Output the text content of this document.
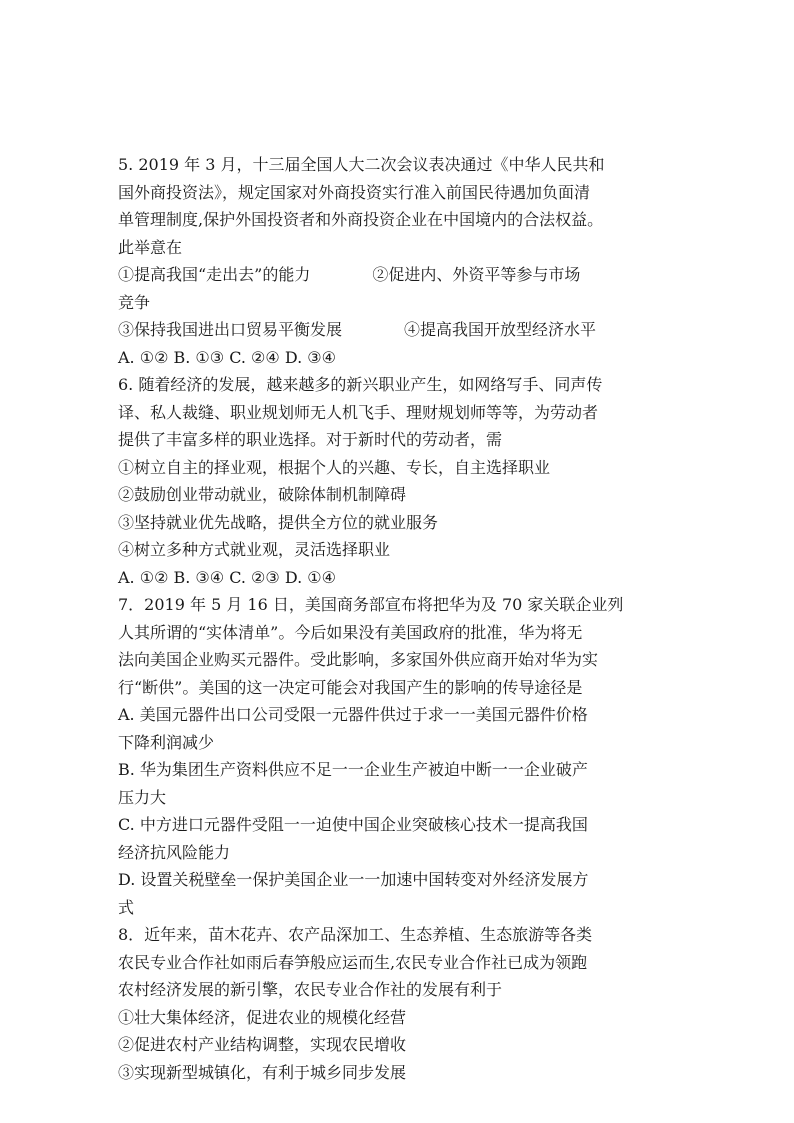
5. 2019 年 3 月，十三届全国人大二次会议表决通过《中华人民共和
国外商投资法》，规定国家对外商投资实行准入前国民待遇加负面清
单管理制度,保护外国投资者和外商投资企业在中国境内的合法权益。
此举意在
①提高我国“走出去”的能力	②促进内、外资平等参与市场
竞争
③保持我国进出口贸易平衡发展	④提高我国开放型经济水平
A. ①② B. ①③ C. ②④ D. ③④
6. 随着经济的发展，越来越多的新兴职业产生，如网络写手、同声传
译、私人裁缝、职业规划师无人机飞手、理财规划师等等，为劳动者
提供了丰富多样的职业选择。对于新时代的劳动者，需
①树立自主的择业观，根据个人的兴趣、专长，自主选择职业
②鼓励创业带动就业，破除体制机制障碍
③坚持就业优先战略，提供全方位的就业服务
④树立多种方式就业观，灵活选择职业
A. ①② B. ③④ C. ②③ D. ①④
7．2019 年 5 月 16 日，美国商务部宣布将把华为及 70 家关联企业列
人其所谓的“实体清单”。今后如果没有美国政府的批准，华为将无
法向美国企业购买元器件。受此影响，多家国外供应商开始对华为实
行“断供”。美国的这一决定可能会对我国产生的影响的传导途径是
A. 美国元器件出口公司受限一元器件供过于求一一美国元器件价格
下降利润减少
B. 华为集团生产资料供应不足一一企业生产被迫中断一一企业破产
压力大
C. 中方进口元器件受阻一一迫使中国企业突破核心技术一提高我国
经济抗风险能力
D. 设置关税壁垒一保护美国企业一一加速中国转变对外经济发展方
式
8．近年来，苗木花卉、农产品深加工、生态养植、生态旅游等各类
农民专业合作社如雨后春笋般应运而生,农民专业合作社已成为领跑
农村经济发展的新引擎，农民专业合作社的发展有利于
①壮大集体经济，促进农业的规模化经营
②促进农村产业结构调整，实现农民增收
③实现新型城镇化，有利于城乡同步发展
